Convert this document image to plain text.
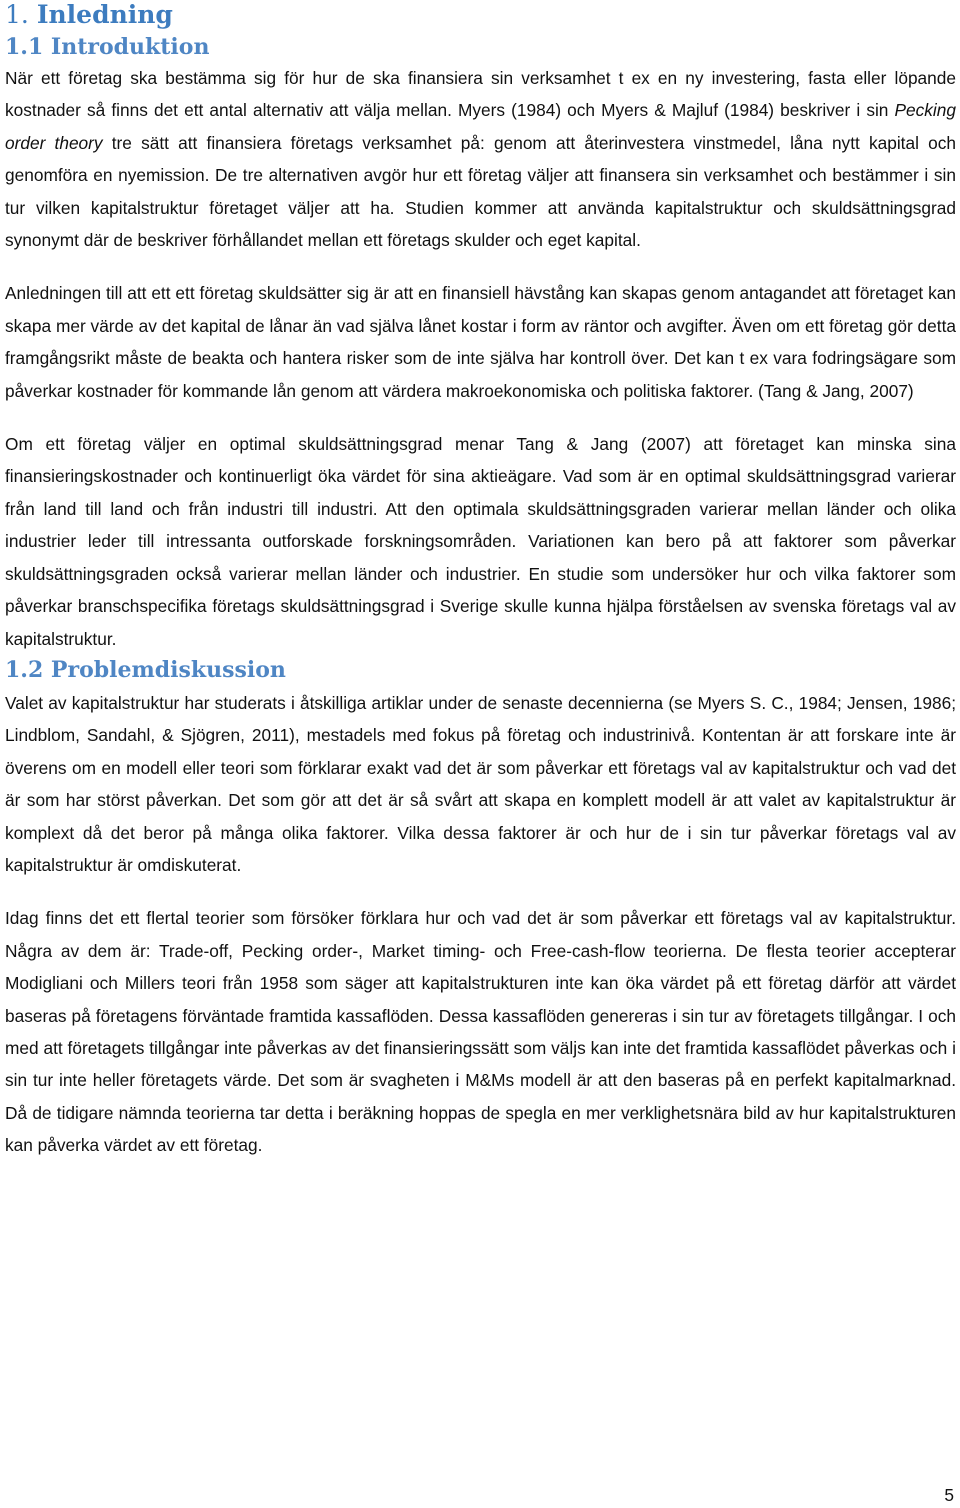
1. Inledning
1.1 Introduktion

När ett företag ska bestämma sig för hur de ska finansiera sin verksamhet t ex en ny investering, fasta eller löpande kostnader så finns det ett antal alternativ att välja mellan. Myers (1984) och Myers & Majluf (1984) beskriver i sin Pecking order theory tre sätt att finansiera företags verksamhet på: genom att återinvestera vinstmedel, låna nytt kapital och genomföra en nyemission. De tre alternativen avgör hur ett företag väljer att finansera sin verksamhet och bestämmer i sin tur vilken kapitalstruktur företaget väljer att ha. Studien kommer att använda kapitalstruktur och skuldsättningsgrad synonymt där de beskriver förhållandet mellan ett företags skulder och eget kapital.

Anledningen till att ett ett företag skuldsätter sig är att en finansiell hävstång kan skapas genom antagandet att företaget kan skapa mer värde av det kapital de lånar än vad själva lånet kostar i form av räntor och avgifter. Även om ett företag gör detta framgångsrikt måste de beakta och hantera risker som de inte själva har kontroll över. Det kan t ex vara fodringsägare som påverkar kostnader för kommande lån genom att värdera makroekonomiska och politiska faktorer. (Tang & Jang, 2007)

Om ett företag väljer en optimal skuldsättningsgrad menar Tang & Jang (2007) att företaget kan minska sina finansieringskostnader och kontinuerligt öka värdet för sina aktieägare. Vad som är en optimal skuldsättningsgrad varierar från land till land och från industri till industri. Att den optimala skuldsättningsgraden varierar mellan länder och olika industrier leder till intressanta outforskade forskningsområden. Variationen kan bero på att faktorer som påverkar skuldsättningsgraden också varierar mellan länder och industrier. En studie som undersöker hur och vilka faktorer som påverkar branschspecifika företags skuldsättningsgrad i Sverige skulle kunna hjälpa förståelsen av svenska företags val av kapitalstruktur.

1.2 Problemdiskussion

Valet av kapitalstruktur har studerats i åtskilliga artiklar under de senaste decennierna (se Myers S. C., 1984; Jensen, 1986; Lindblom, Sandahl, & Sjögren, 2011), mestadels med fokus på företag och industrinivå. Kontentan är att forskare inte är överens om en modell eller teori som förklarar exakt vad det är som påverkar ett företags val av kapitalstruktur och vad det är som har störst påverkan. Det som gör att det är så svårt att skapa en komplett modell är att valet av kapitalstruktur är komplext då det beror på många olika faktorer. Vilka dessa faktorer är och hur de i sin tur påverkar företags val av kapitalstruktur är omdiskuterat.

Idag finns det ett flertal teorier som försöker förklara hur och vad det är som påverkar ett företags val av kapitalstruktur. Några av dem är: Trade-off, Pecking order-, Market timing- och Free-cash-flow teorierna. De flesta teorier accepterar Modigliani och Millers teori från 1958 som säger att kapitalstrukturen inte kan öka värdet på ett företag därför att värdet baseras på företagens förväntade framtida kassaflöden. Dessa kassaflöden genereras i sin tur av företagets tillgångar. I och med att företagets tillgångar inte påverkas av det finansieringssätt som väljs kan inte det framtida kassaflödet påverkas och i sin tur inte heller företagets värde. Det som är svagheten i M&Ms modell är att den baseras på en perfekt kapitalmarknad. Då de tidigare nämnda teorierna tar detta i beräkning hoppas de spegla en mer verklighetsnära bild av hur kapitalstrukturen kan påverka värdet av ett företag.

5
